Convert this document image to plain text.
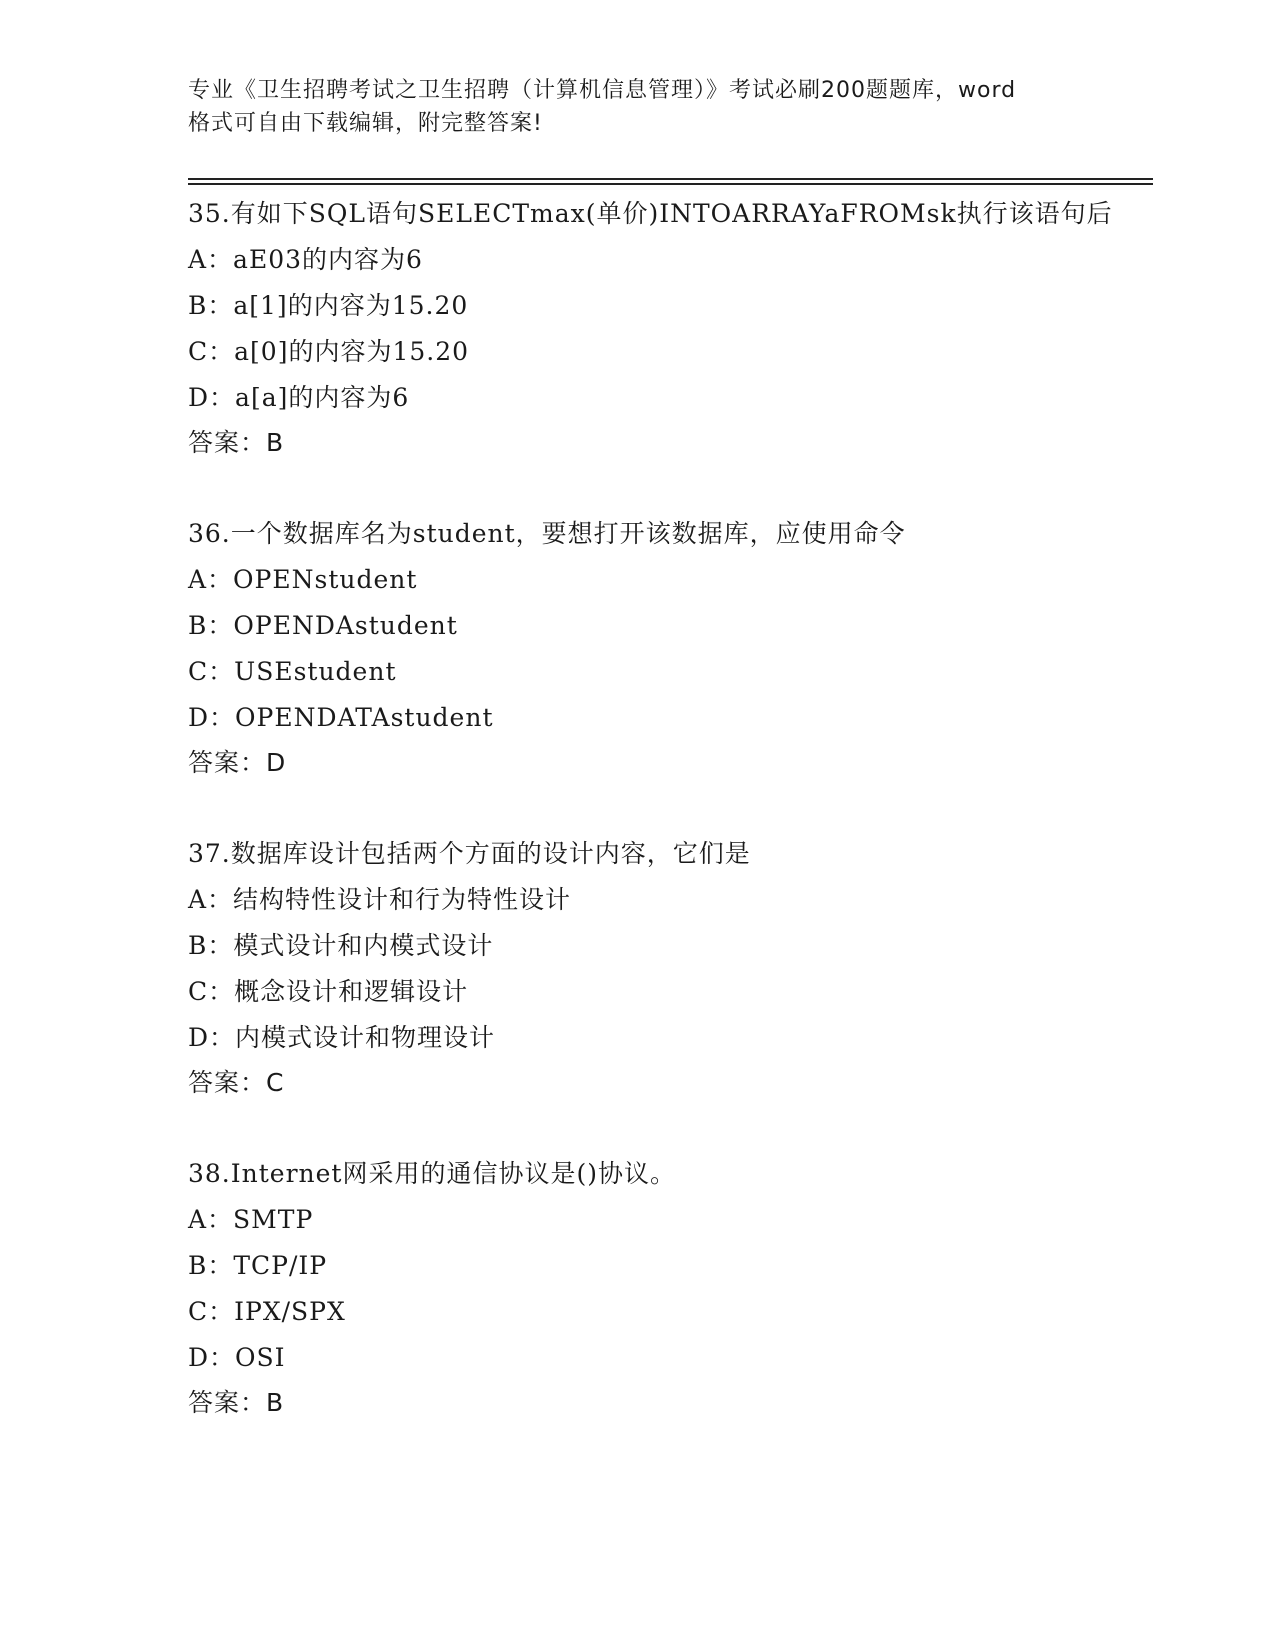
专业《卫生招聘考试之卫生招聘（计算机信息管理）》考试必刷200题题库，word
格式可自由下载编辑，附完整答案!
35.有如下SQL语句SELECTmax(单价)INTOARRAYaFROMsk执行该语句后
A：aE03的内容为6
B：a[1]的内容为15.20
C：a[0]的内容为15.20
D：a[a]的内容为6
答案：B
36.一个数据库名为student，要想打开该数据库，应使用命令
A：OPENstudent
B：OPENDAstudent
C：USEstudent
D：OPENDATAstudent
答案：D
37.数据库设计包括两个方面的设计内容，它们是
A：结构特性设计和行为特性设计
B：模式设计和内模式设计
C：概念设计和逻辑设计
D：内模式设计和物理设计
答案：C
38.Internet网采用的通信协议是()协议。
A：SMTP
B：TCP/IP
C：IPX/SPX
D：OSI
答案：B
